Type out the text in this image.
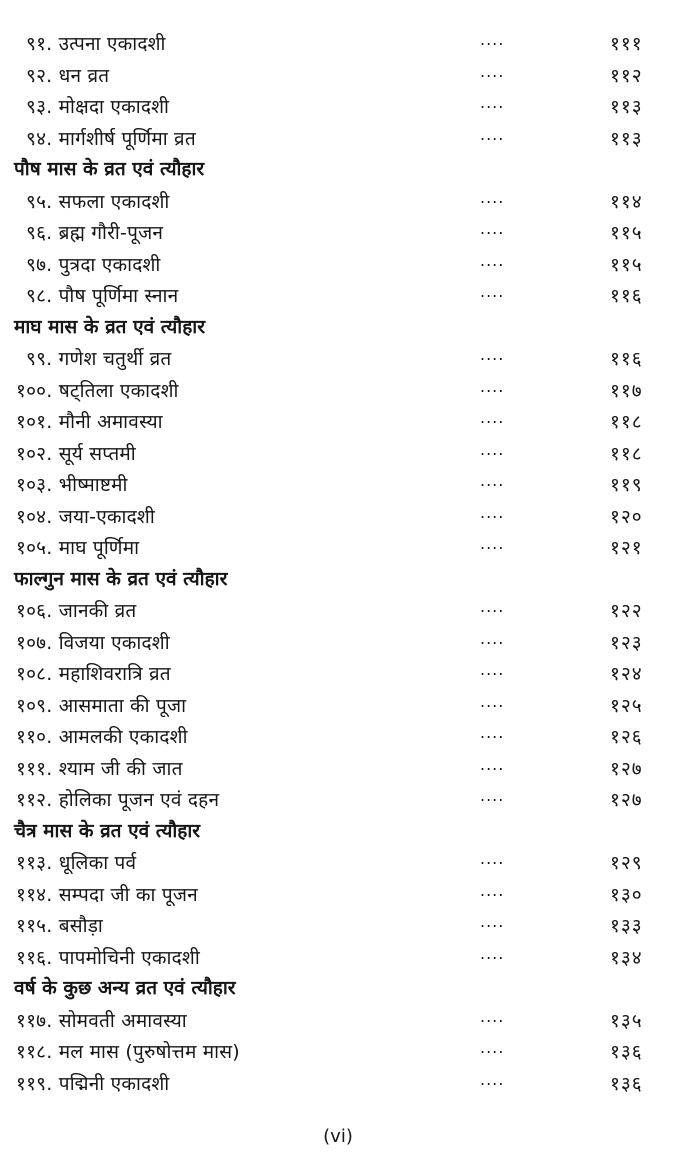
९१. उत्पना एकादशी	....	१११
९२. धन व्रत	....	११२
९३. मोक्षदा एकादशी	....	११३
९४. मार्गशीर्ष पूर्णिमा व्रत	....	११३
पौष मास के व्रत एवं त्यौहार
९५. सफला एकादशी	....	११४
९६. ब्रह्म गौरी-पूजन	....	११५
९७. पुत्रदा एकादशी	....	११५
९८. पौष पूर्णिमा स्नान	....	११६
माघ मास के व्रत एवं त्यौहार
९९. गणेश चतुर्थी व्रत	....	११६
१००. षट्तिला एकादशी	....	११७
१०१. मौनी अमावस्या	....	११८
१०२. सूर्य सप्तमी	....	११८
१०३. भीष्माष्टमी	....	११९
१०४. जया-एकादशी	....	१२०
१०५. माघ पूर्णिमा	....	१२१
फाल्गुन मास के व्रत एवं त्यौहार
१०६. जानकी व्रत	....	१२२
१०७. विजया एकादशी	....	१२३
१०८. महाशिवरात्रि व्रत	....	१२४
१०९. आसमाता की पूजा	....	१२५
११०. आमलकी एकादशी	....	१२६
१११. श्याम जी की जात	....	१२७
११२. होलिका पूजन एवं दहन	....	१२७
चैत्र मास के व्रत एवं त्यौहार
११३. धूलिका पर्व	....	१२९
११४. सम्पदा जी का पूजन	....	१३०
११५. बसौड़ा	....	१३३
११६. पापमोचिनी एकादशी	....	१३४
वर्ष के कुछ अन्य व्रत एवं त्यौहार
११७. सोमवती अमावस्या	....	१३५
११८. मल मास (पुरुषोत्तम मास)	....	१३६
११९. पद्मिनी एकादशी	....	१३६
(vi)
